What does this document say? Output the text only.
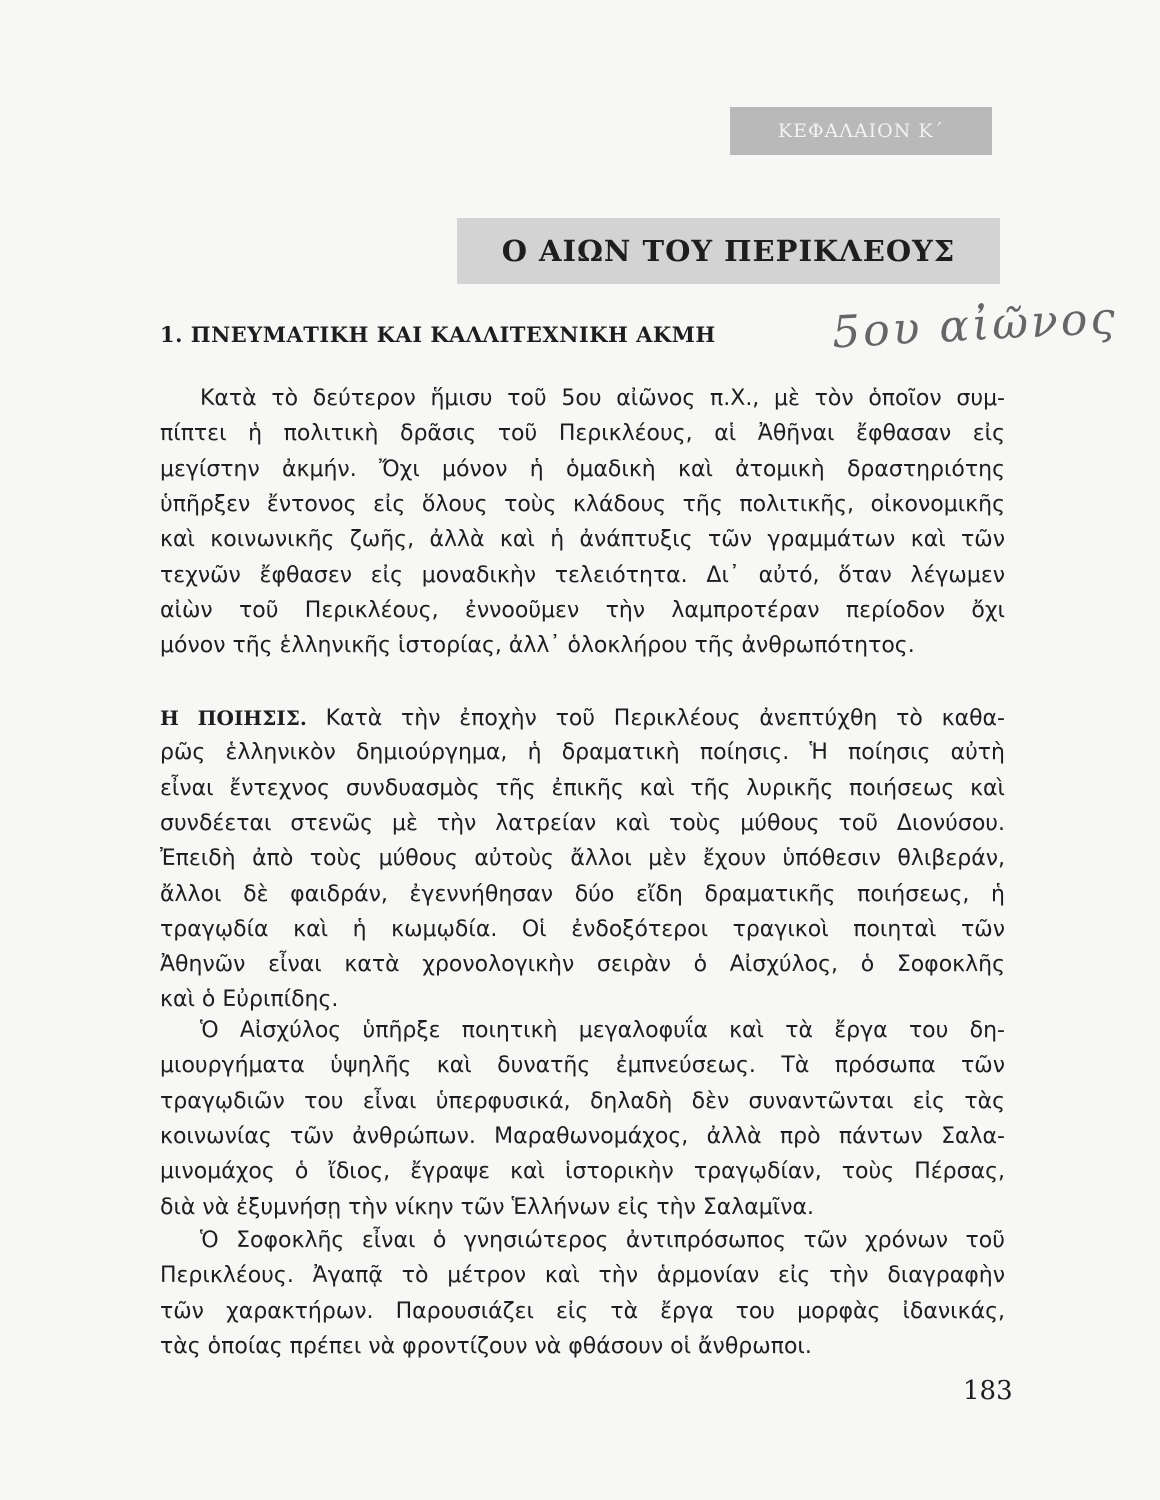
ΚΕΦΑΛΑΙΟΝ Κ΄
Ο ΑΙΩΝ ΤΟΥ ΠΕΡΙΚΛΕΟΥΣ
1. ΠΝΕΥΜΑΤΙΚΗ ΚΑΙ ΚΑΛΛΙΤΕΧΝΙΚΗ ΑΚΜΗ	5ου αἰῶνος
Κατὰ τὸ δεύτερον ἥμισυ τοῦ 5ου αἰῶνος π.Χ., μὲ τὸν ὁποῖον συμ-
πίπτει ἡ πολιτικὴ δρᾶσις τοῦ Περικλέους, αἱ Ἀθῆναι ἔφθασαν εἰς
μεγίστην ἀκμήν. Ὄχι μόνον ἡ ὁμαδικὴ καὶ ἀτομικὴ δραστηριότης
ὑπῆρξεν ἔντονος εἰς ὅλους τοὺς κλάδους τῆς πολιτικῆς, οἰκονομικῆς
καὶ κοινωνικῆς ζωῆς, ἀλλὰ καὶ ἡ ἀνάπτυξις τῶν γραμμάτων καὶ τῶν
τεχνῶν ἔφθασεν εἰς μοναδικὴν τελειότητα. Δι᾽ αὐτό, ὅταν λέγωμεν
αἰὼν τοῦ Περικλέους, ἐννοοῦμεν τὴν λαμπροτέραν περίοδον ὄχι
μόνον τῆς ἑλληνικῆς ἱστορίας, ἀλλ᾽ ὁλοκλήρου τῆς ἀνθρωπότητος.
Η ΠΟΙΗΣΙΣ. Κατὰ τὴν ἐποχὴν τοῦ Περικλέους ἀνεπτύχθη τὸ καθα-
ρῶς ἑλληνικὸν δημιούργημα, ἡ δραματικὴ ποίησις. Ἡ ποίησις αὐτὴ
εἶναι ἔντεχνος συνδυασμὸς τῆς ἐπικῆς καὶ τῆς λυρικῆς ποιήσεως καὶ
συνδέεται στενῶς μὲ τὴν λατρείαν καὶ τοὺς μύθους τοῦ Διονύσου.
Ἐπειδὴ ἀπὸ τοὺς μύθους αὐτοὺς ἄλλοι μὲν ἔχουν ὑπόθεσιν θλιβεράν,
ἄλλοι δὲ φαιδράν, ἐγεννήθησαν δύο εἴδη δραματικῆς ποιήσεως, ἡ
τραγῳδία καὶ ἡ κωμῳδία. Οἱ ἐνδοξότεροι τραγικοὶ ποιηταὶ τῶν
Ἀθηνῶν εἶναι κατὰ χρονολογικὴν σειρὰν ὁ Αἰσχύλος, ὁ Σοφοκλῆς
καὶ ὁ Εὐριπίδης.
Ὁ Αἰσχύλος ὑπῆρξε ποιητικὴ μεγαλοφυΐα καὶ τὰ ἔργα του δη-
μιουργήματα ὑψηλῆς καὶ δυνατῆς ἐμπνεύσεως. Τὰ πρόσωπα τῶν
τραγῳδιῶν του εἶναι ὑπερφυσικά, δηλαδὴ δὲν συναντῶνται εἰς τὰς
κοινωνίας τῶν ἀνθρώπων. Μαραθωνομάχος, ἀλλὰ πρὸ πάντων Σαλα-
μινομάχος ὁ ἴδιος, ἔγραψε καὶ ἱστορικὴν τραγῳδίαν, τοὺς Πέρσας,
διὰ νὰ ἐξυμνήσῃ τὴν νίκην τῶν Ἑλλήνων εἰς τὴν Σαλαμῖνα.
Ὁ Σοφοκλῆς εἶναι ὁ γνησιώτερος ἀντιπρόσωπος τῶν χρόνων τοῦ
Περικλέους. Ἀγαπᾷ τὸ μέτρον καὶ τὴν ἁρμονίαν εἰς τὴν διαγραφὴν
τῶν χαρακτήρων. Παρουσιάζει εἰς τὰ ἔργα του μορφὰς ἰδανικάς,
τὰς ὁποίας πρέπει νὰ φροντίζουν νὰ φθάσουν οἱ ἄνθρωποι.
183
